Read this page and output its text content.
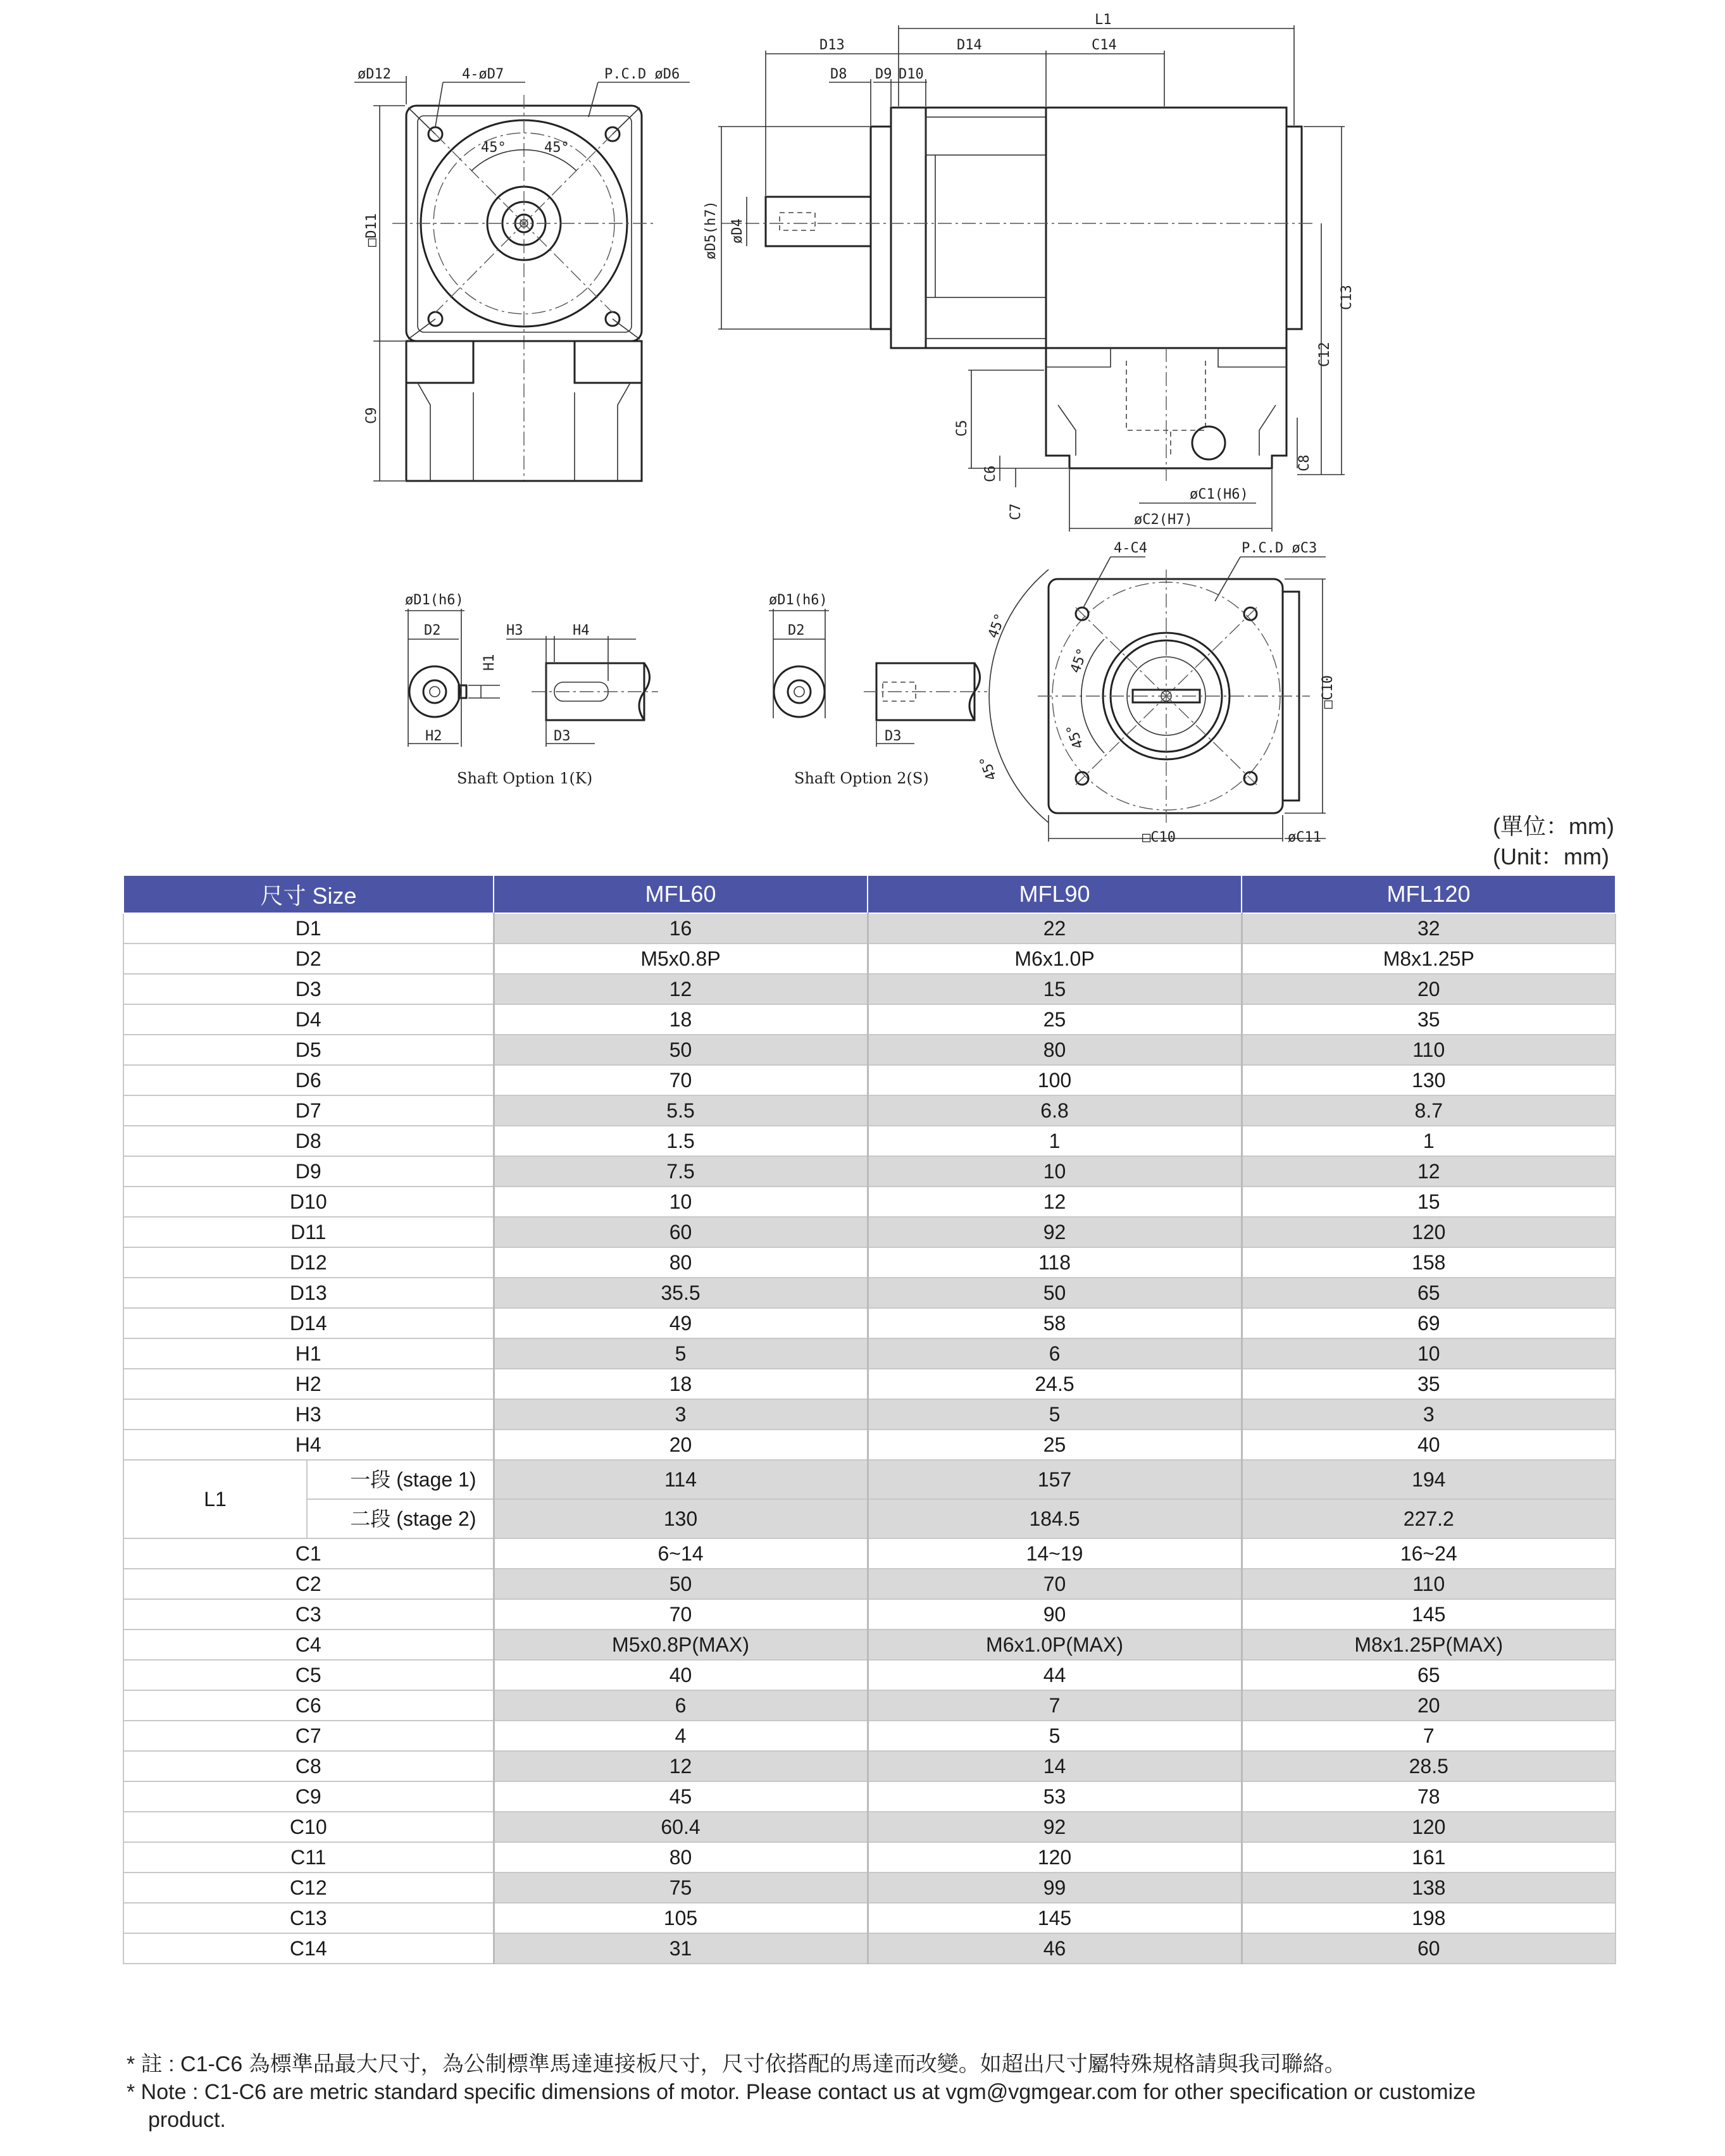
øD12	4-øD7	P.C.D øD6
□D11
C9
45°	45°
L1
D13	D14	C14
D8 D9 D10
øD5(h7) øD4
C13
C12
C5
C6
C7
C8
øC1(H6)
øC2(H7)
øD1(h6)
D2	H3	H4
H1
H2	D3
Shaft Option 1(K)
øD1(h6)
D2
D3
Shaft Option 2(S)
4-C4	P.C.D øC3
□C10
□C10	øC11
45°
45°
45°
45°
(單位：mm)
(Unit：mm)
尺寸 Size		MFL60	MFL90	MFL120
D1		16	22	32
D2		M5x0.8P	M6x1.0P	M8x1.25P
D3		12	15	20
D4		18	25	35
D5		50	80	110
D6		70	100	130
D7		5.5	6.8	8.7
D8		1.5	1	1
D9		7.5	10	12
D10		10	12	15
D11		60	92	120
D12		80	118	158
D13		35.5	50	65
D14		49	58	69
H1		5	6	10
H2		18	24.5	35
H3		3	5	3
H4		20	25	40
L1	一段 (stage 1)	114	157	194
	二段 (stage 2)	130	184.5	227.2
C1		6~14	14~19	16~24
C2		50	70	110
C3		70	90	145
C4		M5x0.8P(MAX)	M6x1.0P(MAX)	M8x1.25P(MAX)
C5		40	44	65
C6		6	7	20
C7		4	5	7
C8		12	14	28.5
C9		45	53	78
C10		60.4	92	120
C11		80	120	161
C12		75	99	138
C13		105	145	198
C14		31	46	60
* 註 : C1-C6 為標準品最大尺寸，為公制標準馬達連接板尺寸，尺寸依搭配的馬達而改變。如超出尺寸屬特殊規格請與我司聯絡。
* Note : C1-C6 are metric standard specific dimensions of motor. Please contact us at vgm@vgmgear.com for other specification or customize
product.
